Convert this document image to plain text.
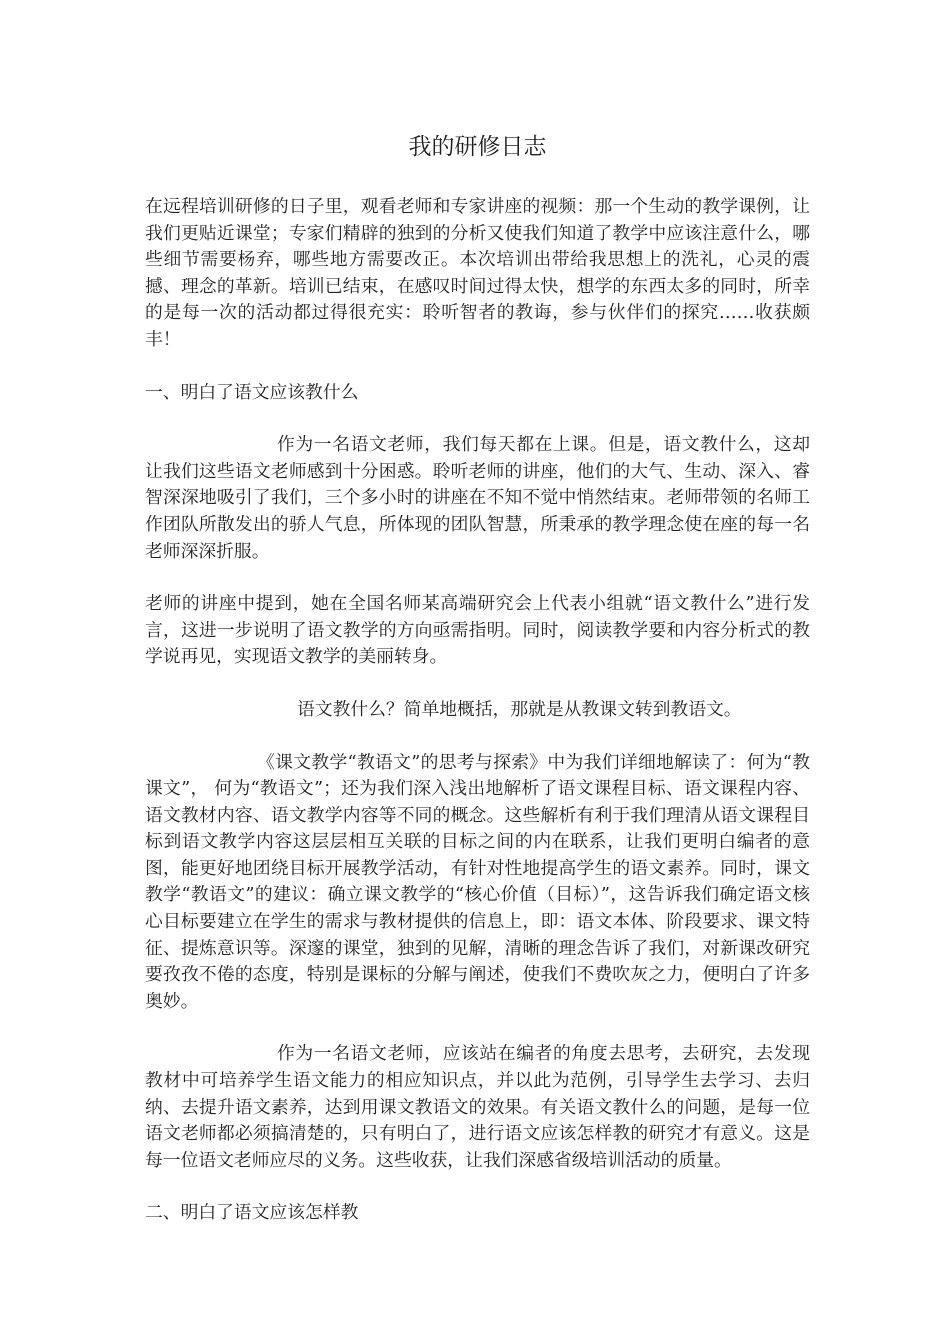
我的研修日志

在远程培训研修的日子里，观看老师和专家讲座的视频：那一个生动的教学课例，让我们更贴近课堂；专家们精辟的独到的分析又使我们知道了教学中应该注意什么，哪些细节需要杨弃，哪些地方需要改正。本次培训出带给我思想上的洗礼，心灵的震撼、理念的革新。培训已结束，在感叹时间过得太快，想学的东西太多的同时，所幸的是每一次的活动都过得很充实：聆听智者的教诲，参与伙伴们的探究……收获颇丰！

一、明白了语文应该教什么

作为一名语文老师，我们每天都在上课。但是，语文教什么，这却让我们这些语文老师感到十分困惑。聆听老师的讲座，他们的大气、生动、深入、睿智深深地吸引了我们，三个多小时的讲座在不知不觉中悄然结束。老师带领的名师工作团队所散发出的骄人气息，所体现的团队智慧，所秉承的教学理念使在座的每一名老师深深折服。

老师的讲座中提到，她在全国名师某高端研究会上代表小组就“语文教什么”进行发言，这进一步说明了语文教学的方向亟需指明。同时，阅读教学要和内容分析式的教学说再见，实现语文教学的美丽转身。

语文教什么？简单地概括，那就是从教课文转到教语文。

《课文教学“教语文”的思考与探索》中为我们详细地解读了：何为“教课文”， 何为“教语文”；还为我们深入浅出地解析了语文课程目标、语文课程内容、语文教材内容、语文教学内容等不同的概念。这些解析有利于我们理清从语文课程目标到语文教学内容这层层相互关联的目标之间的内在联系，让我们更明白编者的意图，能更好地团绕目标开展教学活动，有针对性地提高学生的语文素养。同时，课文教学“教语文”的建议：确立课文教学的“核心价值（目标）”，这告诉我们确定语文核心目标要建立在学生的需求与教材提供的信息上，即：语文本体、阶段要求、课文特征、提炼意识等。深邃的课堂，独到的见解，清晰的理念告诉了我们，对新课改研究要孜孜不倦的态度，特别是课标的分解与阐述，使我们不费吹灰之力，便明白了许多奥妙。

作为一名语文老师，应该站在编者的角度去思考，去研究，去发现教材中可培养学生语文能力的相应知识点，并以此为范例，引导学生去学习、去归纳、去提升语文素养，达到用课文教语文的效果。有关语文教什么的问题，是每一位语文老师都必须搞清楚的，只有明白了，进行语文应该怎样教的研究才有意义。这是每一位语文老师应尽的义务。这些收获，让我们深感省级培训活动的质量。

二、明白了语文应该怎样教
